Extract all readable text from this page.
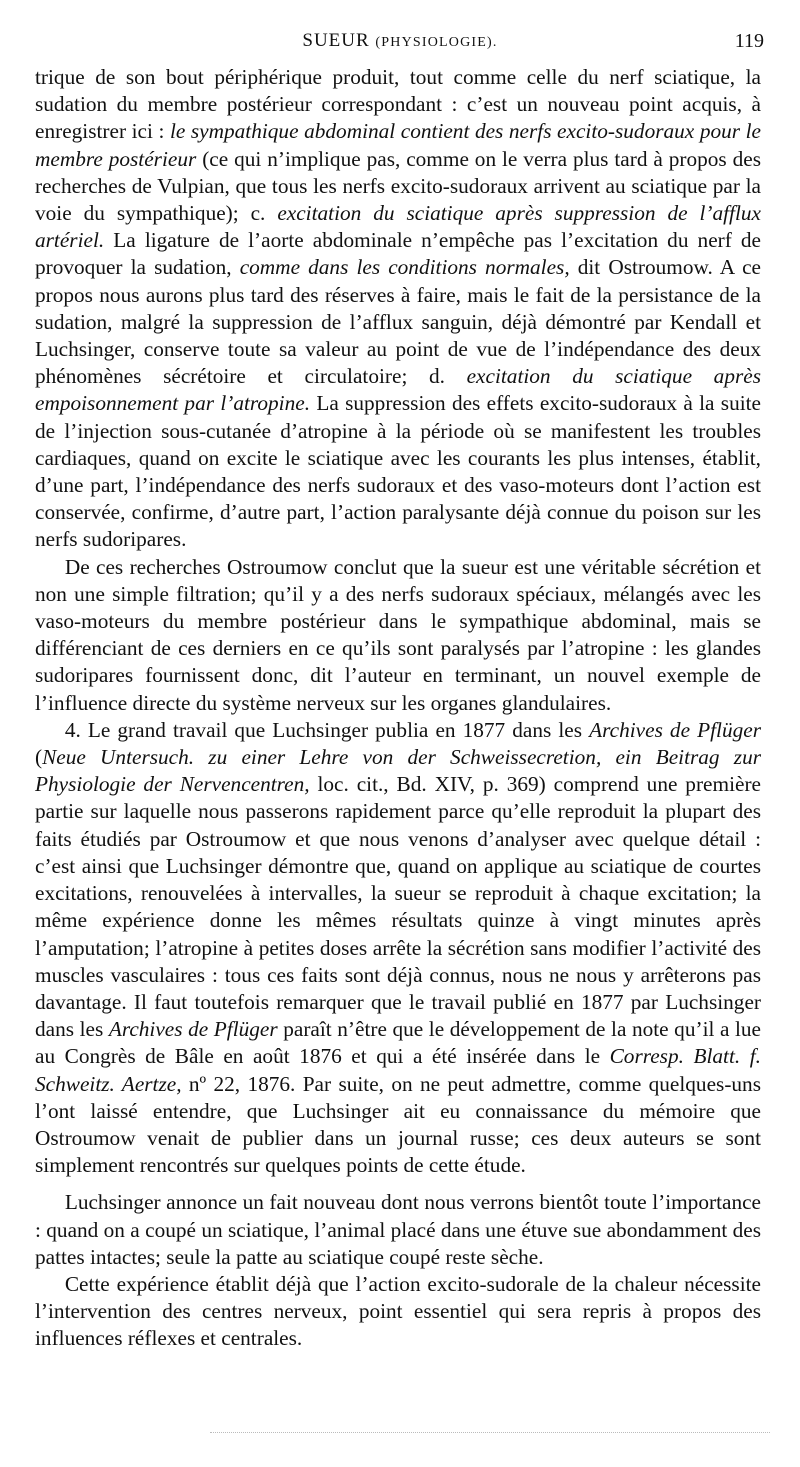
SUEUR (PHYSIOLOGIE).	119

trique de son bout périphérique produit, tout comme celle du nerf sciatique, la sudation du membre postérieur correspondant : c’est un nouveau point acquis, à enregistrer ici : le sympathique abdominal contient des nerfs excito-sudoraux pour le membre postérieur (ce qui n’implique pas, comme on le verra plus tard à propos des recherches de Vulpian, que tous les nerfs excito-sudoraux arrivent au sciatique par la voie du sympathique); c. excitation du sciatique après suppression de l’afflux artériel. La ligature de l’aorte abdominale n’empêche pas l’excitation du nerf de provoquer la sudation, comme dans les conditions normales, dit Ostroumow. A ce propos nous aurons plus tard des réserves à faire, mais le fait de la persistance de la sudation, malgré la suppression de l’afflux sanguin, déjà démontré par Kendall et Luchsinger, conserve toute sa valeur au point de vue de l’indépendance des deux phénomènes sécrétoire et circulatoire; d. excitation du sciatique après empoisonnement par l’atropine. La suppression des effets excito-sudoraux à la suite de l’injection sous-cutanée d’atropine à la période où se manifestent les troubles cardiaques, quand on excite le sciatique avec les courants les plus intenses, établit, d’une part, l’indépendance des nerfs sudoraux et des vaso-moteurs dont l’action est conservée, confirme, d’autre part, l’action paralysante déjà connue du poison sur les nerfs sudoripares.

De ces recherches Ostroumow conclut que la sueur est une véritable sécrétion et non une simple filtration; qu’il y a des nerfs sudoraux spéciaux, mélangés avec les vaso-moteurs du membre postérieur dans le sympathique abdominal, mais se différenciant de ces derniers en ce qu’ils sont paralysés par l’atropine : les glandes sudoripares fournissent donc, dit l’auteur en terminant, un nouvel exemple de l’influence directe du système nerveux sur les organes glandulaires.

4. Le grand travail que Luchsinger publia en 1877 dans les Archives de Pflüger (Neue Untersuch. zu einer Lehre von der Schweissecretion, ein Beitrag zur Physiologie der Nervencentren, loc. cit., Bd. XIV, p. 369) comprend une première partie sur laquelle nous passerons rapidement parce qu’elle reproduit la plupart des faits étudiés par Ostroumow et que nous venons d’analyser avec quelque détail : c’est ainsi que Luchsinger démontre que, quand on applique au sciatique de courtes excitations, renouvelées à intervalles, la sueur se reproduit à chaque excitation; la même expérience donne les mêmes résultats quinze à vingt minutes après l’amputation; l’atropine à petites doses arrête la sécrétion sans modifier l’activité des muscles vasculaires : tous ces faits sont déjà connus, nous ne nous y arrêterons pas davantage. Il faut toutefois remarquer que le travail publié en 1877 par Luchsinger dans les Archives de Pflüger paraît n’être que le développement de la note qu’il a lue au Congrès de Bâle en août 1876 et qui a été insérée dans le Corresp. Blatt. f. Schweitz. Aertze, nº 22, 1876. Par suite, on ne peut admettre, comme quelques-uns l’ont laissé entendre, que Luchsinger ait eu connaissance du mémoire que Ostroumow venait de publier dans un journal russe; ces deux auteurs se sont simplement rencontrés sur quelques points de cette étude.

Luchsinger annonce un fait nouveau dont nous verrons bientôt toute l’importance : quand on a coupé un sciatique, l’animal placé dans une étuve sue abondamment des pattes intactes; seule la patte au sciatique coupé reste sèche.

Cette expérience établit déjà que l’action excito-sudorale de la chaleur nécessite l’intervention des centres nerveux, point essentiel qui sera repris à propos des influences réflexes et centrales.
